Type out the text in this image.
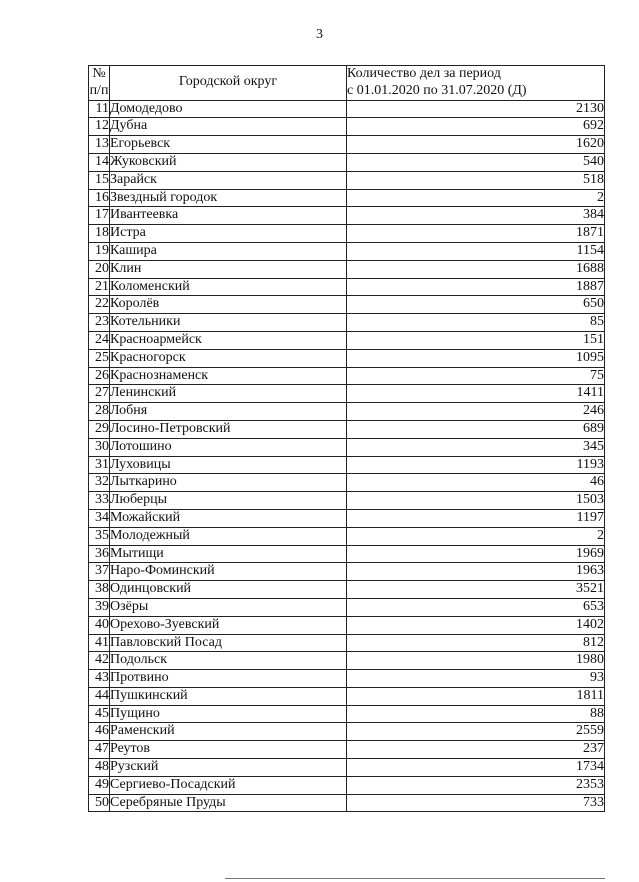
3
№ п/п	Городской округ	Количество дел за период
с 01.01.2020 по 31.07.2020 (Д)

11	Домодедово	2130
12	Дубна	692
13	Егорьевск	1620
14	Жуковский	540
15	Зарайск	518
16	Звездный городок	2
17	Ивантеевка	384
18	Истра	1871
19	Кашира	1154
20	Клин	1688
21	Коломенский	1887
22	Королёв	650
23	Котельники	85
24	Красноармейск	151
25	Красногорск	1095
26	Краснознаменск	75
27	Ленинский	1411
28	Лобня	246
29	Лосино-Петровский	689
30	Лотошино	345
31	Луховицы	1193
32	Лыткарино	46
33	Люберцы	1503
34	Можайский	1197
35	Молодежный	2
36	Мытищи	1969
37	Наро-Фоминский	1963
38	Одинцовский	3521
39	Озёры	653
40	Орехово-Зуевский	1402
41	Павловский Посад	812
42	Подольск	1980
43	Протвино	93
44	Пушкинский	1811
45	Пущино	88
46	Раменский	2559
47	Реутов	237
48	Рузский	1734
49	Сергиево-Посадский	2353
50	Серебряные Пруды	733
